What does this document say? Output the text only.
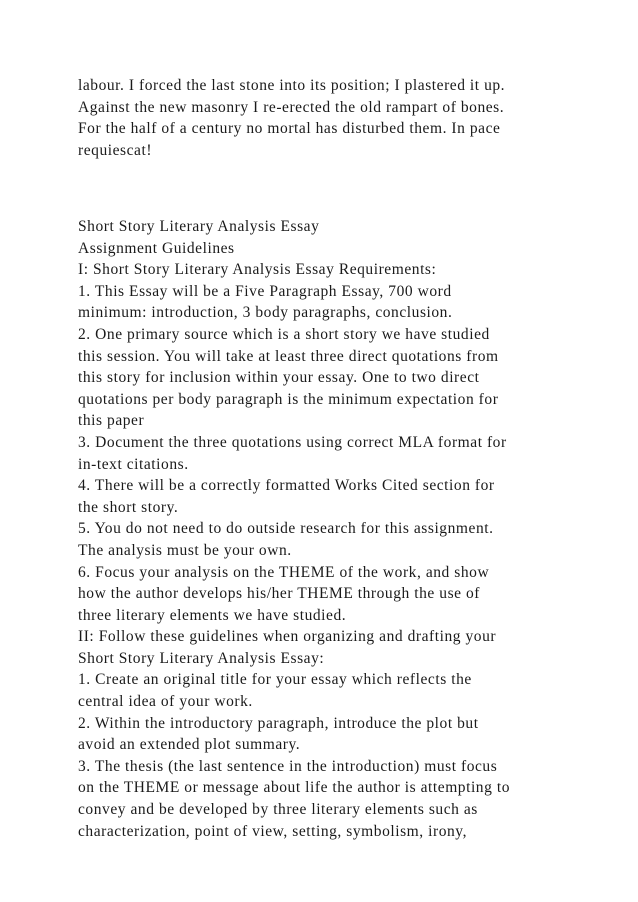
labour. I forced the last stone into its position; I plastered it up.
Against the new masonry I re-erected the old rampart of bones.
For the half of a century no mortal has disturbed them. In pace
requiescat!
Short Story Literary Analysis Essay
Assignment Guidelines
I: Short Story Literary Analysis Essay Requirements:
1. This Essay will be a Five Paragraph Essay, 700 word
minimum: introduction, 3 body paragraphs, conclusion.
2. One primary source which is a short story we have studied
this session. You will take at least three direct quotations from
this story for inclusion within your essay. One to two direct
quotations per body paragraph is the minimum expectation for
this paper
3. Document the three quotations using correct MLA format for
in-text citations.
4. There will be a correctly formatted Works Cited section for
the short story.
5. You do not need to do outside research for this assignment.
The analysis must be your own.
6. Focus your analysis on the THEME of the work, and show
how the author develops his/her THEME through the use of
three literary elements we have studied.
II: Follow these guidelines when organizing and drafting your
Short Story Literary Analysis Essay:
1. Create an original title for your essay which reflects the
central idea of your work.
2. Within the introductory paragraph, introduce the plot but
avoid an extended plot summary.
3. The thesis (the last sentence in the introduction) must focus
on the THEME or message about life the author is attempting to
convey and be developed by three literary elements such as
characterization, point of view, setting, symbolism, irony,
